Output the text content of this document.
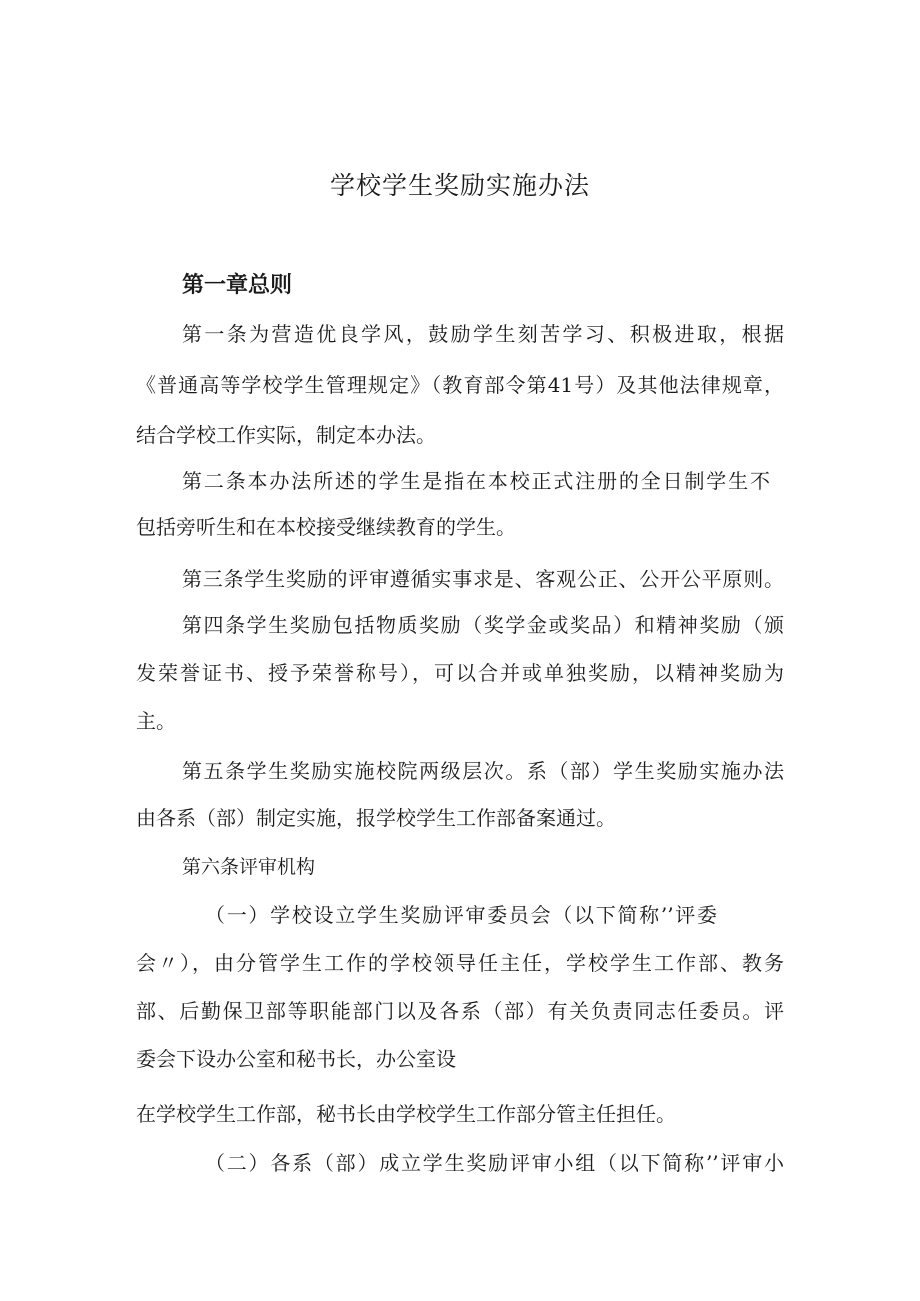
学校学生奖励实施办法
第一章总则
第一条为营造优良学风，鼓励学生刻苦学习、积极进取，根据
《普通高等学校学生管理规定》（教育部令第41号）及其他法律规章，
结合学校工作实际，制定本办法。
第二条本办法所述的学生是指在本校正式注册的全日制学生不
包括旁听生和在本校接受继续教育的学生。
第三条学生奖励的评审遵循实事求是、客观公正、公开公平原则。
第四条学生奖励包括物质奖励（奖学金或奖品）和精神奖励（颁
发荣誉证书、授予荣誉称号），可以合并或单独奖励，以精神奖励为
主。
第五条学生奖励实施校院两级层次。系（部）学生奖励实施办法
由各系（部）制定实施，报学校学生工作部备案通过。
第六条评审机构
（一）学校设立学生奖励评审委员会（以下简称’’评委
会〃），由分管学生工作的学校领导任主任，学校学生工作部、教务
部、后勤保卫部等职能部门以及各系（部）有关负责同志任委员。评
委会下设办公室和秘书长，办公室设
在学校学生工作部，秘书长由学校学生工作部分管主任担任。
（二）各系（部）成立学生奖励评审小组（以下简称’’评审小
